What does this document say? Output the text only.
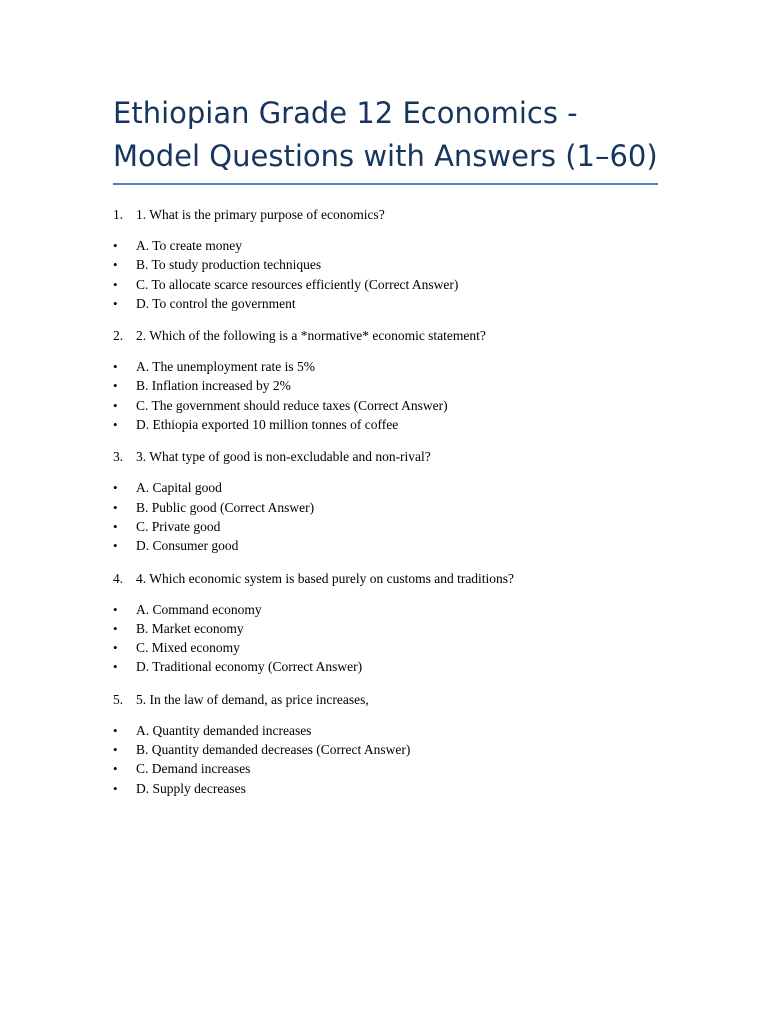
Ethiopian Grade 12 Economics - Model Questions with Answers (1–60)

1. 1. What is the primary purpose of economics?

•	A. To create money
•	B. To study production techniques
•	C. To allocate scarce resources efficiently (Correct Answer)
•	D. To control the government

2. 2. Which of the following is a *normative* economic statement?

•	A. The unemployment rate is 5%
•	B. Inflation increased by 2%
•	C. The government should reduce taxes (Correct Answer)
•	D. Ethiopia exported 10 million tonnes of coffee

3. 3. What type of good is non-excludable and non-rival?

•	A. Capital good
•	B. Public good (Correct Answer)
•	C. Private good
•	D. Consumer good

4. 4. Which economic system is based purely on customs and traditions?

•	A. Command economy
•	B. Market economy
•	C. Mixed economy
•	D. Traditional economy (Correct Answer)

5. 5. In the law of demand, as price increases,

•	A. Quantity demanded increases
•	B. Quantity demanded decreases (Correct Answer)
•	C. Demand increases
•	D. Supply decreases
